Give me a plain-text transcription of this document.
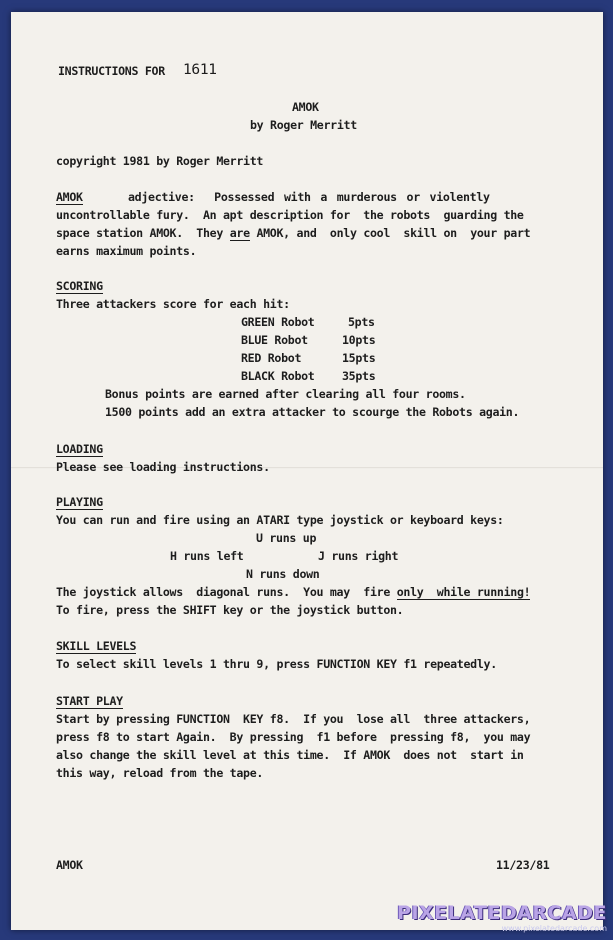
INSTRUCTIONS FOR 1611
AMOK
by Roger Merritt
copyright 1981 by Roger Merritt
AMOK	adjective:  Possessed with a murderous or violently
uncontrollable fury.  An apt description for  the robots  guarding the
space station AMOK.  They are AMOK, and  only cool  skill on  your part
earns maximum points.
SCORING
Three attackers score for each hit:
GREEN Robot	5pts
BLUE Robot	10pts
RED Robot	15pts
BLACK Robot 35pts
Bonus points are earned after clearing all four rooms.
1500 points add an extra attacker to scourge the Robots again.
LOADING
Please see loading instructions.
PLAYING
You can run and fire using an ATARI type joystick or keyboard keys:
U runs up
H runs left	J runs right
N runs down
The joystick allows  diagonal runs.  You may  fire only  while running!
To fire, press the SHIFT key or the joystick button.
SKILL LEVELS
To select skill levels 1 thru 9, press FUNCTION KEY f1 repeatedly.
START PLAY
Start by pressing FUNCTION  KEY f8.  If you  lose all  three attackers,
press f8 to start Again.  By pressing  f1 before  pressing f8,  you may
also change the skill level at this time.  If AMOK  does not  start in
this way, reload from the tape.
AMOK	11/23/81
PIXELATEDARCADE
www.pixelatedarcade.com
